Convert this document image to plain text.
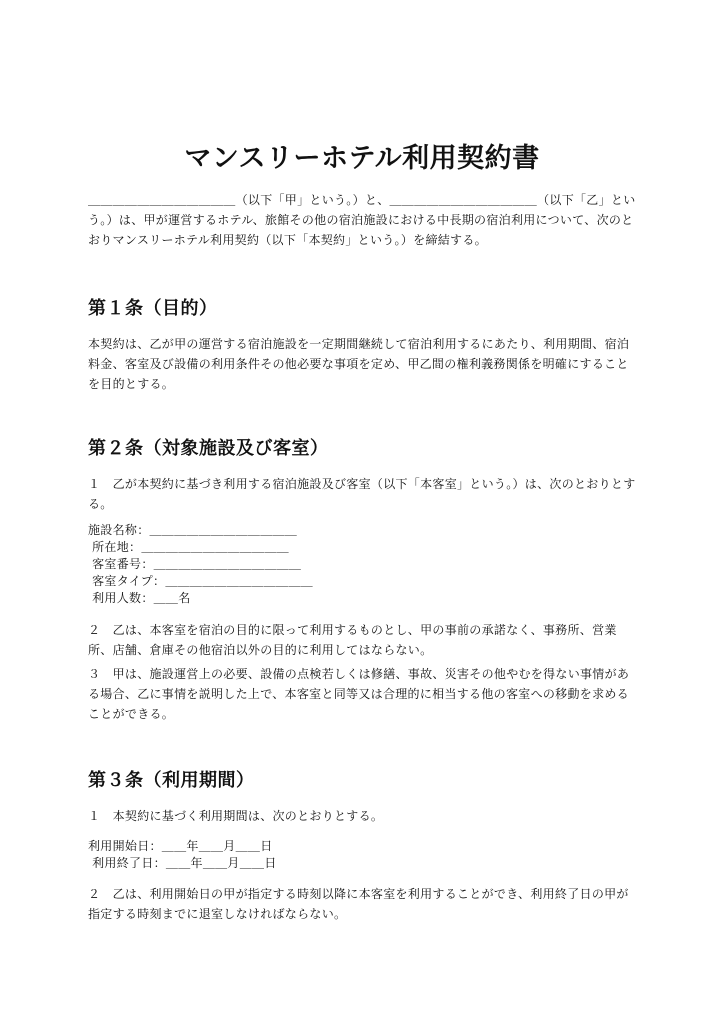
マンスリーホテル利用契約書

＿＿＿＿＿＿＿＿＿＿＿＿（以下「甲」という。）と、＿＿＿＿＿＿＿＿＿＿＿＿（以下「乙」という。）は、甲が運営するホテル、旅館その他の宿泊施設における中長期の宿泊利用について、次のとおりマンスリーホテル利用契約（以下「本契約」という。）を締結する。

第１条（目的）

本契約は、乙が甲の運営する宿泊施設を一定期間継続して宿泊利用するにあたり、利用期間、宿泊料金、客室及び設備の利用条件その他必要な事項を定め、甲乙間の権利義務関係を明確にすることを目的とする。

第２条（対象施設及び客室）

１　乙が本契約に基づき利用する宿泊施設及び客室（以下「本客室」という。）は、次のとおりとする。

施設名称：＿＿＿＿＿＿＿＿＿＿＿＿

所在地：＿＿＿＿＿＿＿＿＿＿＿＿

客室番号：＿＿＿＿＿＿＿＿＿＿＿＿

客室タイプ：＿＿＿＿＿＿＿＿＿＿＿＿

利用人数：＿＿名

２　乙は、本客室を宿泊の目的に限って利用するものとし、甲の事前の承諾なく、事務所、営業所、店舗、倉庫その他宿泊以外の目的に利用してはならない。

３　甲は、施設運営上の必要、設備の点検若しくは修繕、事故、災害その他やむを得ない事情がある場合、乙に事情を説明した上で、本客室と同等又は合理的に相当する他の客室への移動を求めることができる。

第３条（利用期間）

１　本契約に基づく利用期間は、次のとおりとする。

利用開始日：＿＿年＿＿月＿＿日

利用終了日：＿＿年＿＿月＿＿日

２　乙は、利用開始日の甲が指定する時刻以降に本客室を利用することができ、利用終了日の甲が指定する時刻までに退室しなければならない。
